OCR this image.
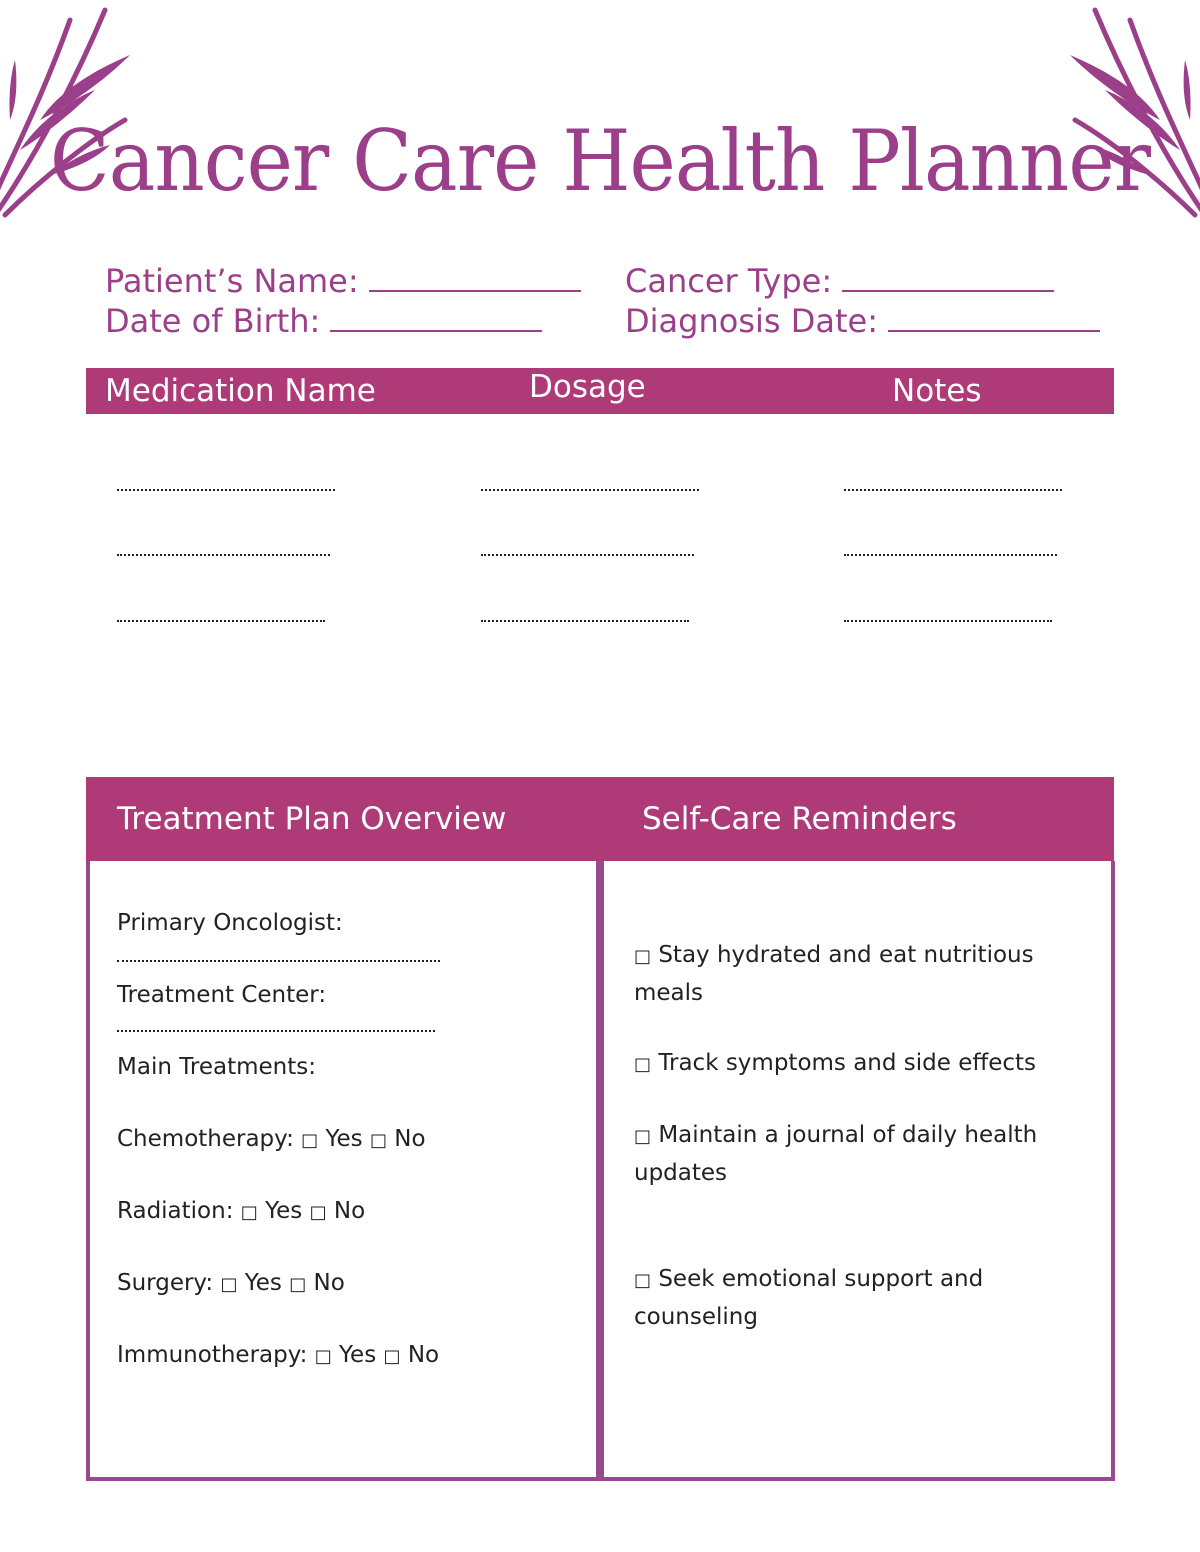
Cancer Care Health Planner
Patient’s Name:
Date of Birth:
Cancer Type:
Diagnosis Date:
Medication Name	Dosage	Notes
Treatment Plan Overview	Self-Care Reminders
Primary Oncologist:
Treatment Center:
Main Treatments:
Chemotherapy: □ Yes □ No
Radiation: □ Yes □ No
Surgery: □ Yes □ No
Immunotherapy: □ Yes □ No
□ Stay hydrated and eat nutritious meals
□ Track symptoms and side effects
□ Maintain a journal of daily health updates
□ Seek emotional support and counseling
